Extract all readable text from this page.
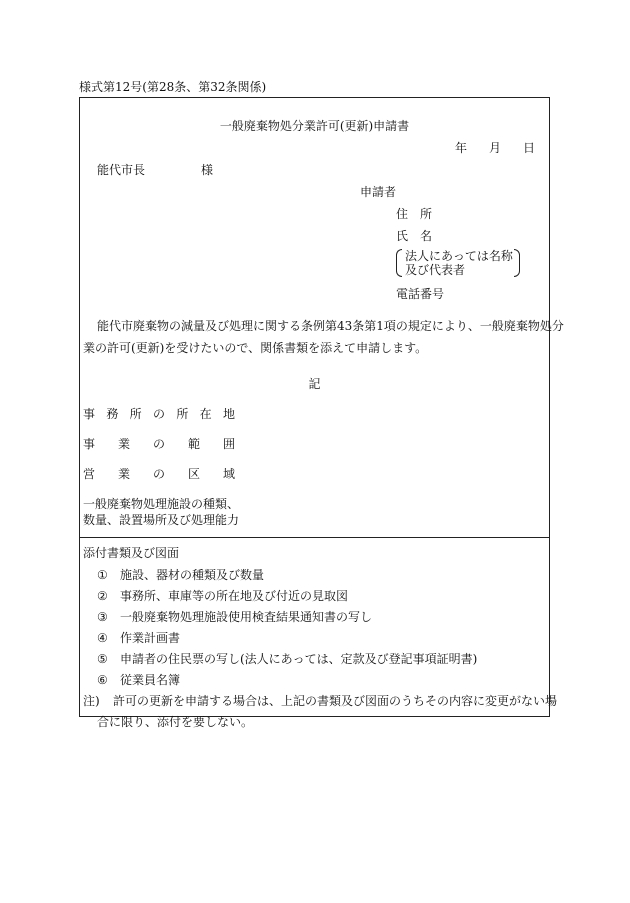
様式第12号(第28条、第32条関係)
一般廃棄物処分業許可(更新)申請書
年 月 日
能代市長	様
申請者
住　所
氏　名
法人にあっては名称
及び代表者
電話番号
能代市廃棄物の減量及び処理に関する条例第43条第1項の規定により、一般廃棄物処分
業の許可(更新)を受けたいので、関係書類を添えて申請します。
記
事 務 所 の 所 在 地
事 業 の 範 囲
営 業 の 区 域
一般廃棄物処理施設の種類、
数量、設置場所及び処理能力
添付書類及び図面
① 施設、器材の種類及び数量
② 事務所、車庫等の所在地及び付近の見取図
③ 一般廃棄物処理施設使用検査結果通知書の写し
④ 作業計画書
⑤ 申請者の住民票の写し(法人にあっては、定款及び登記事項証明書)
⑥ 従業員名簿
注) 許可の更新を申請する場合は、上記の書類及び図面のうちその内容に変更がない場
合に限り、添付を要しない。
